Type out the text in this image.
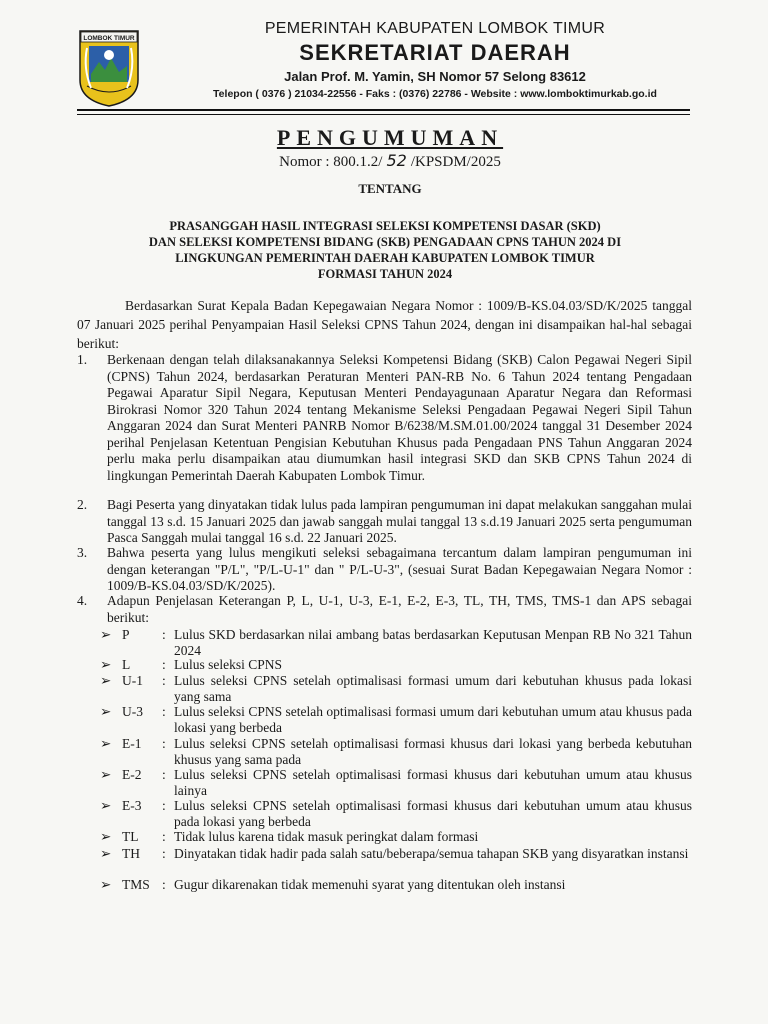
LOMBOK TIMUR
PEMERINTAH KABUPATEN LOMBOK TIMUR
SEKRETARIAT DAERAH
Jalan Prof. M. Yamin, SH Nomor 57 Selong 83612
Telepon ( 0376 ) 21034-22556 - Faks : (0376) 22786 - Website : www.lomboktimurkab.go.id
PENGUMUMAN
Nomor : 800.1.2/ 52 /KPSDM/2025
TENTANG
PRASANGGAH HASIL INTEGRASI SELEKSI KOMPETENSI DASAR (SKD)
DAN SELEKSI KOMPETENSI BIDANG (SKB) PENGADAAN CPNS TAHUN 2024 DI
LINGKUNGAN PEMERINTAH DAERAH KABUPATEN LOMBOK TIMUR
FORMASI TAHUN 2024
Berdasarkan Surat Kepala Badan Kepegawaian Negara Nomor : 1009/B-KS.04.03/SD/K/2025 tanggal 07 Januari 2025 perihal Penyampaian Hasil Seleksi CPNS Tahun 2024, dengan ini disampaikan hal-hal sebagai berikut:
1.	Berkenaan dengan telah dilaksanakannya Seleksi Kompetensi Bidang (SKB) Calon Pegawai Negeri Sipil (CPNS) Tahun 2024, berdasarkan Peraturan Menteri PAN-RB No. 6 Tahun 2024 tentang Pengadaan Pegawai Aparatur Sipil Negara, Keputusan Menteri Pendayagunaan Aparatur Negara dan Reformasi Birokrasi Nomor 320 Tahun 2024 tentang Mekanisme Seleksi Pengadaan Pegawai Negeri Sipil Tahun Anggaran 2024 dan Surat Menteri PANRB Nomor B/6238/M.SM.01.00/2024 tanggal 31 Desember 2024 perihal Penjelasan Ketentuan Pengisian Kebutuhan Khusus pada Pengadaan PNS Tahun Anggaran 2024 perlu maka perlu disampaikan atau diumumkan hasil integrasi SKD dan SKB CPNS Tahun 2024 di lingkungan Pemerintah Daerah Kabupaten Lombok Timur.
2.	Bagi Peserta yang dinyatakan tidak lulus pada lampiran pengumuman ini dapat melakukan sanggahan mulai tanggal 13 s.d. 15 Januari 2025 dan jawab sanggah mulai tanggal 13 s.d.19 Januari 2025 serta pengumuman Pasca Sanggah mulai tanggal 16 s.d. 22 Januari 2025.
3.	Bahwa peserta yang lulus mengikuti seleksi sebagaimana tercantum dalam lampiran pengumuman ini dengan keterangan "P/L", "P/L-U-1" dan " P/L-U-3", (sesuai Surat Badan Kepegawaian Negara Nomor : 1009/B-KS.04.03/SD/K/2025).
4.	Adapun Penjelasan Keterangan P, L, U-1, U-3, E-1, E-2, E-3, TL, TH, TMS, TMS-1 dan APS sebagai berikut:
➢ P	: Lulus SKD berdasarkan nilai ambang batas berdasarkan Keputusan Menpan RB No 321 Tahun 2024
➢ L	: Lulus seleksi CPNS
➢ U-1	: Lulus seleksi CPNS setelah optimalisasi formasi umum dari kebutuhan khusus pada lokasi yang sama
➢ U-3	: Lulus seleksi CPNS setelah optimalisasi formasi umum dari kebutuhan umum atau khusus pada lokasi yang berbeda
➢ E-1	: Lulus seleksi CPNS setelah optimalisasi formasi khusus dari lokasi yang berbeda kebutuhan khusus yang sama pada
➢ E-2	: Lulus seleksi CPNS setelah optimalisasi formasi khusus dari kebutuhan umum atau khusus lainya
➢ E-3	: Lulus seleksi CPNS setelah optimalisasi formasi khusus dari kebutuhan umum atau khusus pada lokasi yang berbeda
➢ TL	: Tidak lulus karena tidak masuk peringkat dalam formasi
➢ TH	: Dinyatakan tidak hadir pada salah satu/beberapa/semua tahapan SKB yang disyaratkan instansi
➢ TMS : Gugur dikarenakan tidak memenuhi syarat yang ditentukan oleh instansi
